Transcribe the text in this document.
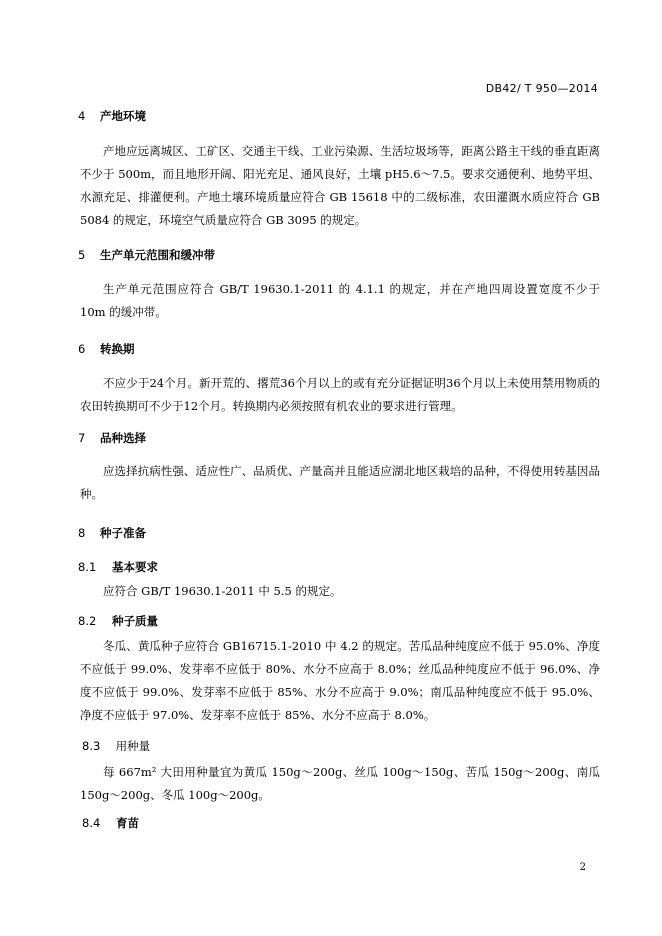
DB42/ T 950—2014
4 产地环境
产地应远离城区、工矿区、交通主干线、工业污染源、生活垃圾场等，距离公路主干线的垂直距离不少于 500m，而且地形开阔、阳光充足、通风良好，土壤 pH5.6～7.5。要求交通便利、地势平坦、水源充足、排灌便利。产地土壤环境质量应符合 GB 15618 中的二级标准，农田灌溉水质应符合 GB 5084 的规定，环境空气质量应符合 GB 3095 的规定。
5 生产单元范围和缓冲带
生产单元范围应符合 GB/T 19630.1-2011 的 4.1.1 的规定，并在产地四周设置宽度不少于 10m 的缓冲带。
6 转换期
不应少于24个月。新开荒的、撂荒36个月以上的或有充分证据证明36个月以上未使用禁用物质的农田转换期可不少于12个月。转换期内必须按照有机农业的要求进行管理。
7 品种选择
应选择抗病性强、适应性广、品质优、产量高并且能适应湖北地区栽培的品种，不得使用转基因品种。
8 种子准备
8.1 基本要求
应符合 GB/T 19630.1-2011 中 5.5 的规定。
8.2 种子质量
冬瓜、黄瓜种子应符合 GB16715.1-2010 中 4.2 的规定。苦瓜品种纯度应不低于 95.0%、净度不应低于 99.0%、发芽率不应低于 80%、水分不应高于 8.0%；丝瓜品种纯度应不低于 96.0%、净度不应低于 99.0%、发芽率不应低于 85%、水分不应高于 9.0%；南瓜品种纯度应不低于 95.0%、净度不应低于 97.0%、发芽率不应低于 85%、水分不应高于 8.0%。
8.3 用种量
每 667m² 大田用种量宜为黄瓜 150g～200g、丝瓜 100g～150g、苦瓜 150g～200g、南瓜 150g～200g、冬瓜 100g～200g。
8.4 育苗
2
